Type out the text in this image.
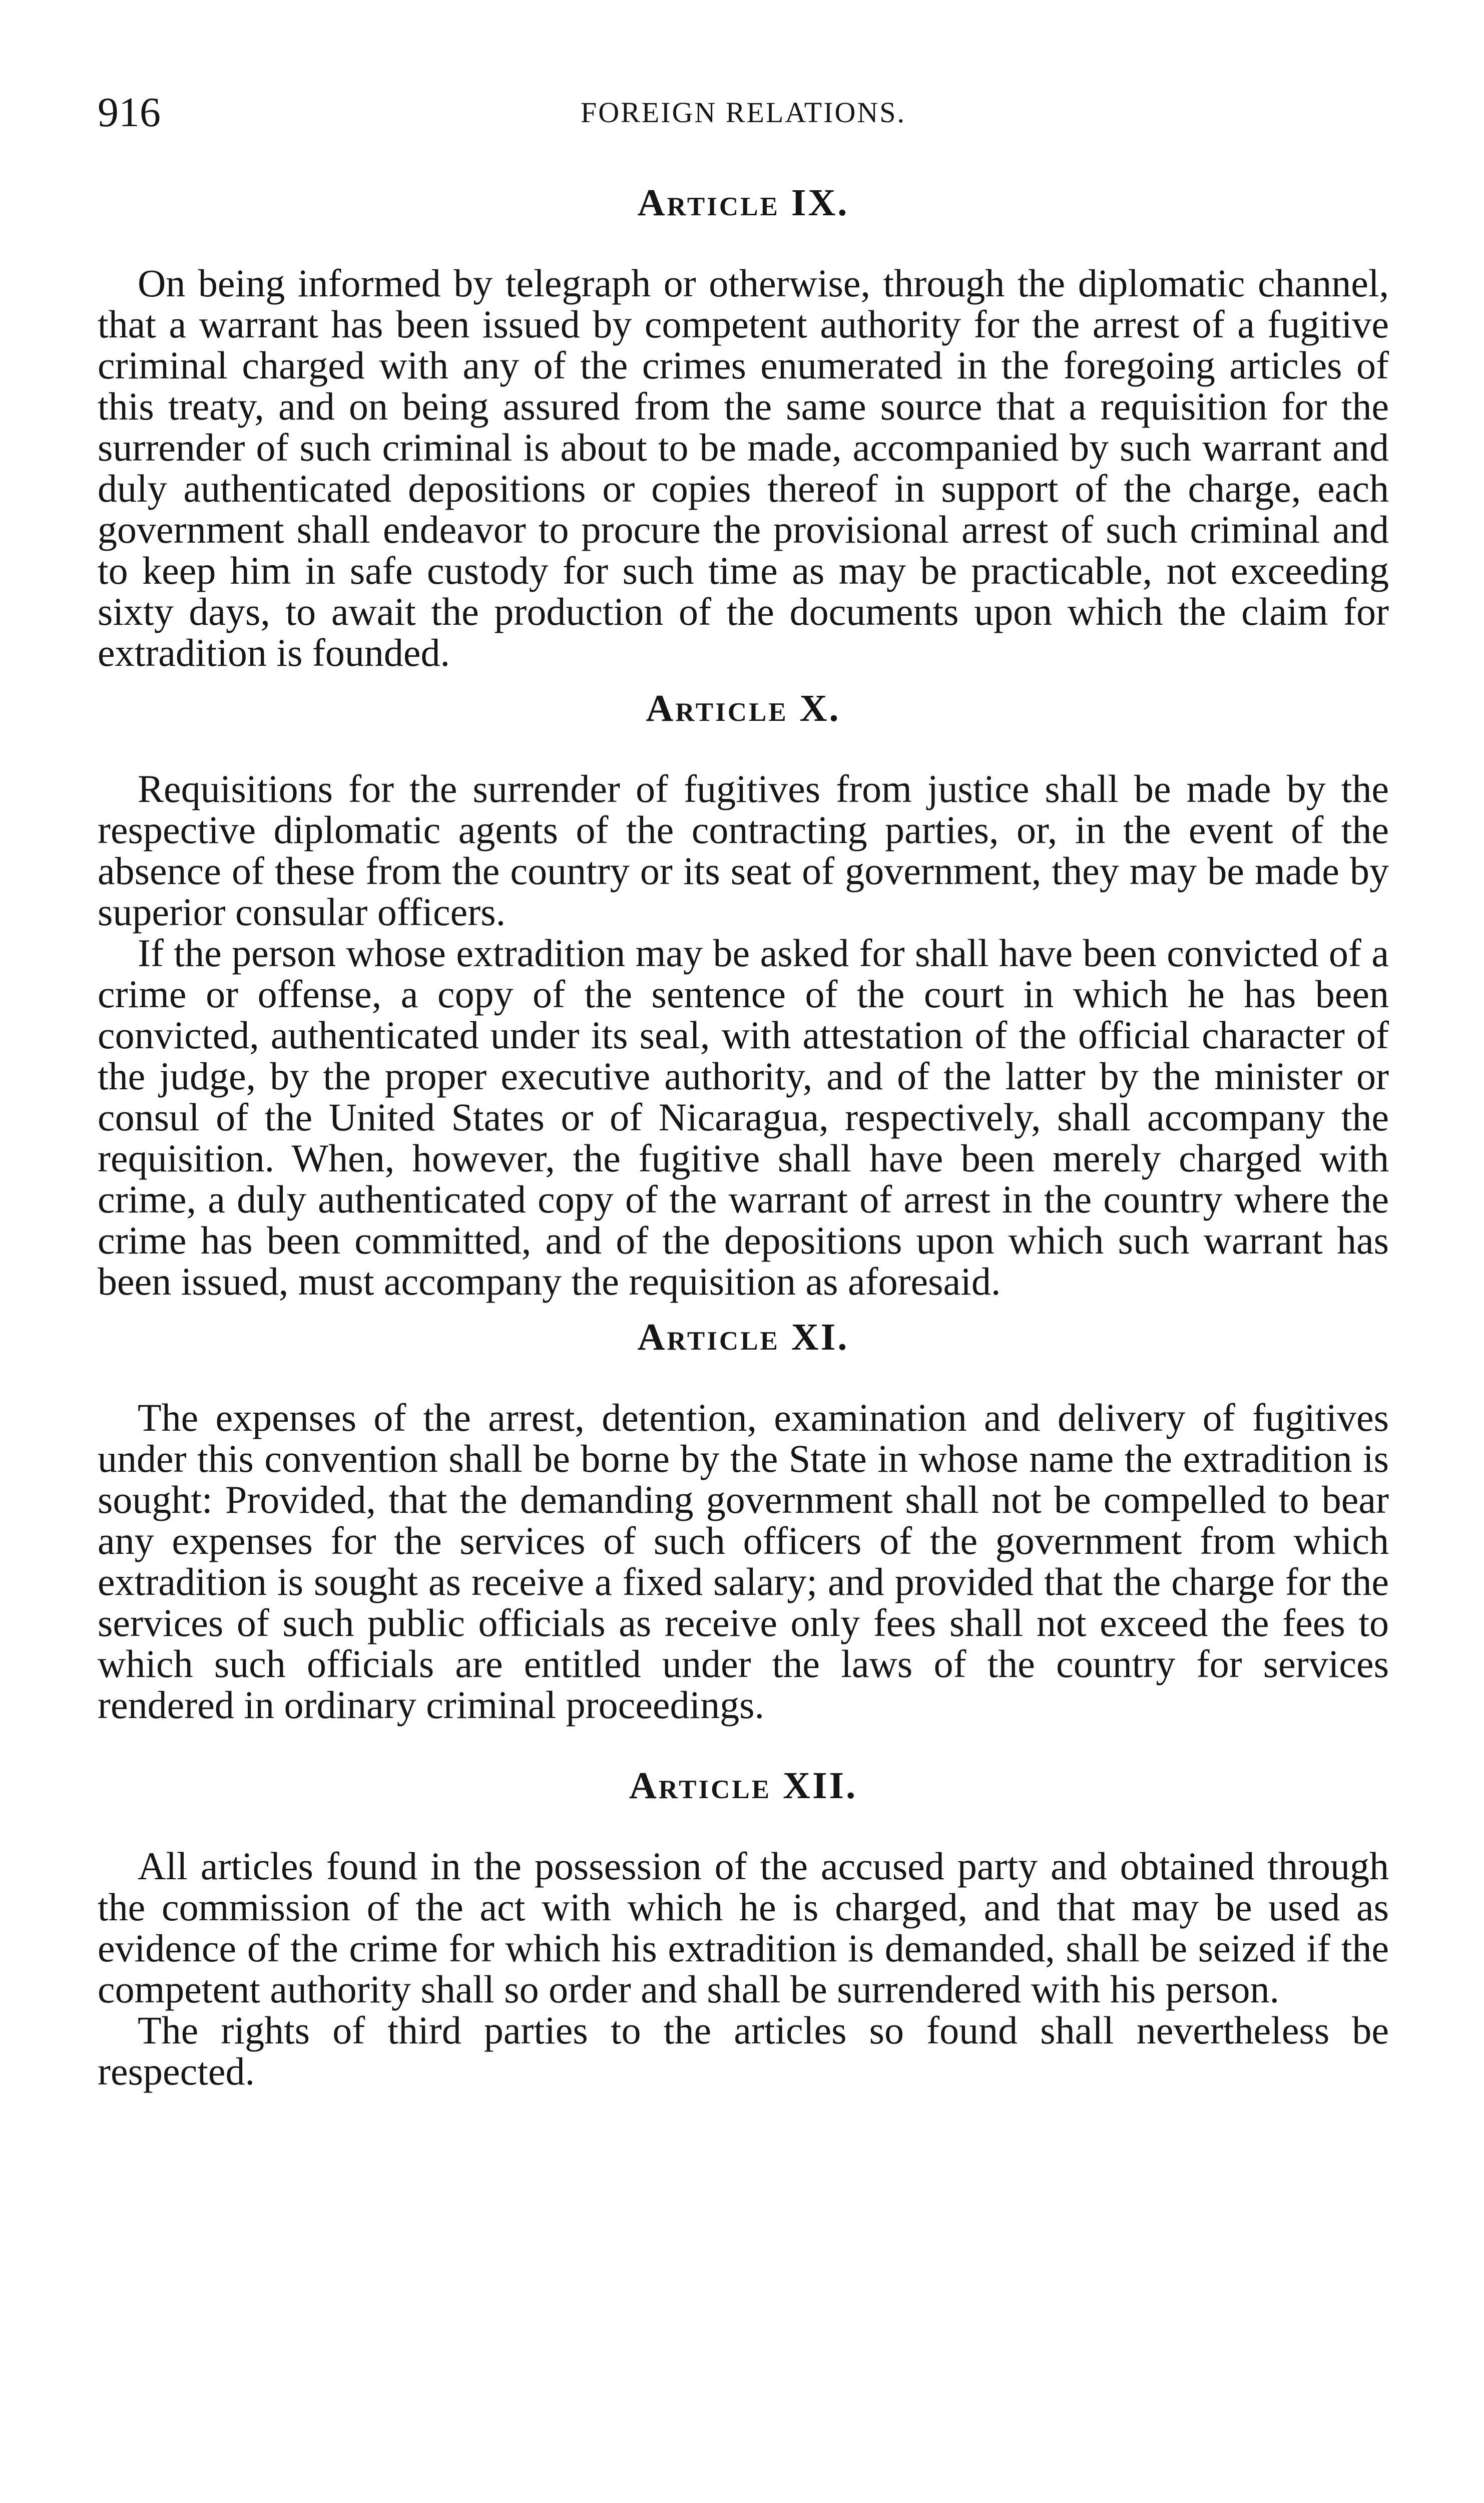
916	FOREIGN RELATIONS.
Article IX.

On being informed by telegraph or otherwise, through the diplomatic channel, that a warrant has been issued by competent authority for the arrest of a fugitive criminal charged with any of the crimes enumerated in the foregoing articles of this treaty, and on being assured from the same source that a requisition for the surrender of such criminal is about to be made, accompanied by such warrant and duly authenticated depositions or copies thereof in support of the charge, each government shall endeavor to procure the provisional arrest of such criminal and to keep him in safe custody for such time as may be practicable, not exceeding sixty days, to await the production of the documents upon which the claim for extradition is founded.

Article X.

Requisitions for the surrender of fugitives from justice shall be made by the respective diplomatic agents of the contracting parties, or, in the event of the absence of these from the country or its seat of government, they may be made by superior consular officers.

If the person whose extradition may be asked for shall have been convicted of a crime or offense, a copy of the sentence of the court in which he has been convicted, authenticated under its seal, with attestation of the official character of the judge, by the proper executive authority, and of the latter by the minister or consul of the United States or of Nicaragua, respectively, shall accompany the requisition. When, however, the fugitive shall have been merely charged with crime, a duly authenticated copy of the warrant of arrest in the country where the crime has been committed, and of the depositions upon which such warrant has been issued, must accompany the requisition as aforesaid.

Article XI.

The expenses of the arrest, detention, examination and delivery of fugitives under this convention shall be borne by the State in whose name the extradition is sought: Provided, that the demanding government shall not be compelled to bear any expenses for the services of such officers of the government from which extradition is sought as receive a fixed salary; and provided that the charge for the services of such public officials as receive only fees shall not exceed the fees to which such officials are entitled under the laws of the country for services rendered in ordinary criminal proceedings.

Article XII.

All articles found in the possession of the accused party and obtained through the commission of the act with which he is charged, and that may be used as evidence of the crime for which his extradition is demanded, shall be seized if the competent authority shall so order and shall be surrendered with his person.

The rights of third parties to the articles so found shall nevertheless be respected.
